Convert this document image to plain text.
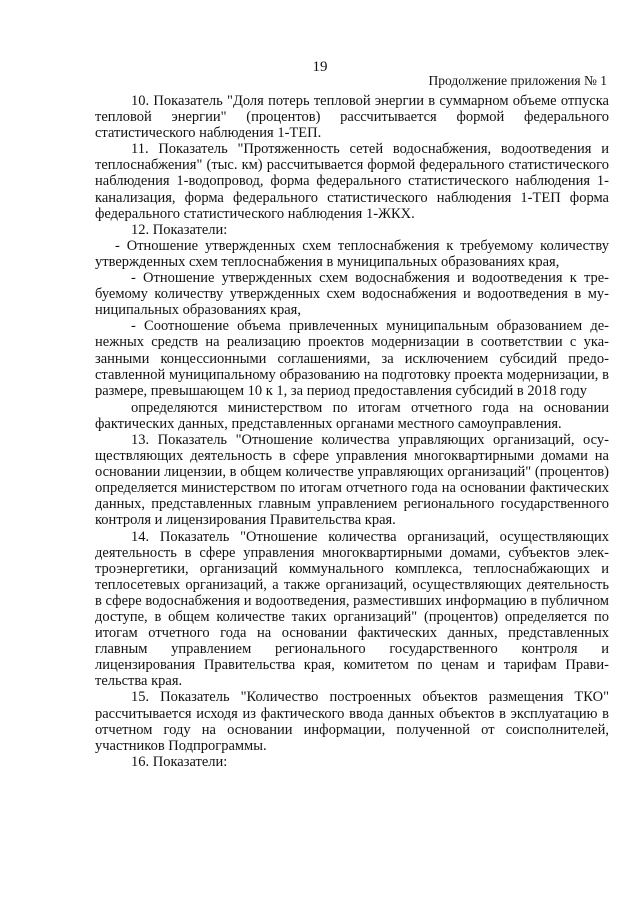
19
Продолжение приложения № 1

10. Показатель "Доля потерь тепловой энергии в суммарном объеме отпуска тепловой энергии" (процентов) рассчитывается формой федерального статистического наблюдения 1-ТЕП.

11. Показатель "Протяженность сетей водоснабжения, водоотведения и теплоснабжения" (тыс. км) рассчитывается формой федерального статистического наблюдения 1-водопровод, форма федерального статистического наблюдения 1-канализация, форма федерального статистического наблюдения 1-ТЕП форма федерального статистического наблюдения 1-ЖКХ.

12. Показатели:

- Отношение утвержденных схем теплоснабжения к требуемому количеству утвержденных схем теплоснабжения в муниципальных образованиях края,

- Отношение утвержденных схем водоснабжения и водоотведения к требуемому количеству утвержденных схем водоснабжения и водоотведения в муниципальных образованиях края,

- Соотношение объема привлеченных муниципальным образованием денежных средств на реализацию проектов модернизации в соответствии с указанными концессионными соглашениями, за исключением субсидий предоставленной муниципальному образованию на подготовку проекта модернизации, в размере, превышающем 10 к 1, за период предоставления субсидий в 2018 году

определяются министерством по итогам отчетного года на основании фактических данных, представленных органами местного самоуправления.

13. Показатель "Отношение количества управляющих организаций, осуществляющих деятельность в сфере управления многоквартирными домами на основании лицензии, в общем количестве управляющих организаций" (процентов) определяется министерством по итогам отчетного года на основании фактических данных, представленных главным управлением регионального государственного контроля и лицензирования Правительства края.

14. Показатель "Отношение количества организаций, осуществляющих деятельность в сфере управления многоквартирными домами, субъектов электроэнергетики, организаций коммунального комплекса, теплоснабжающих и теплосетевых организаций, а также организаций, осуществляющих деятельность в сфере водоснабжения и водоотведения, разместивших информацию в публичном доступе, в общем количестве таких организаций" (процентов) определяется по итогам отчетного года на основании фактических данных, представленных главным управлением регионального государственного контроля и лицензирования Правительства края, комитетом по ценам и тарифам Правительства края.

15. Показатель "Количество построенных объектов размещения ТКО" рассчитывается исходя из фактического ввода данных объектов в эксплуатацию в отчетном году на основании информации, полученной от соисполнителей, участников Подпрограммы.

16. Показатели:
